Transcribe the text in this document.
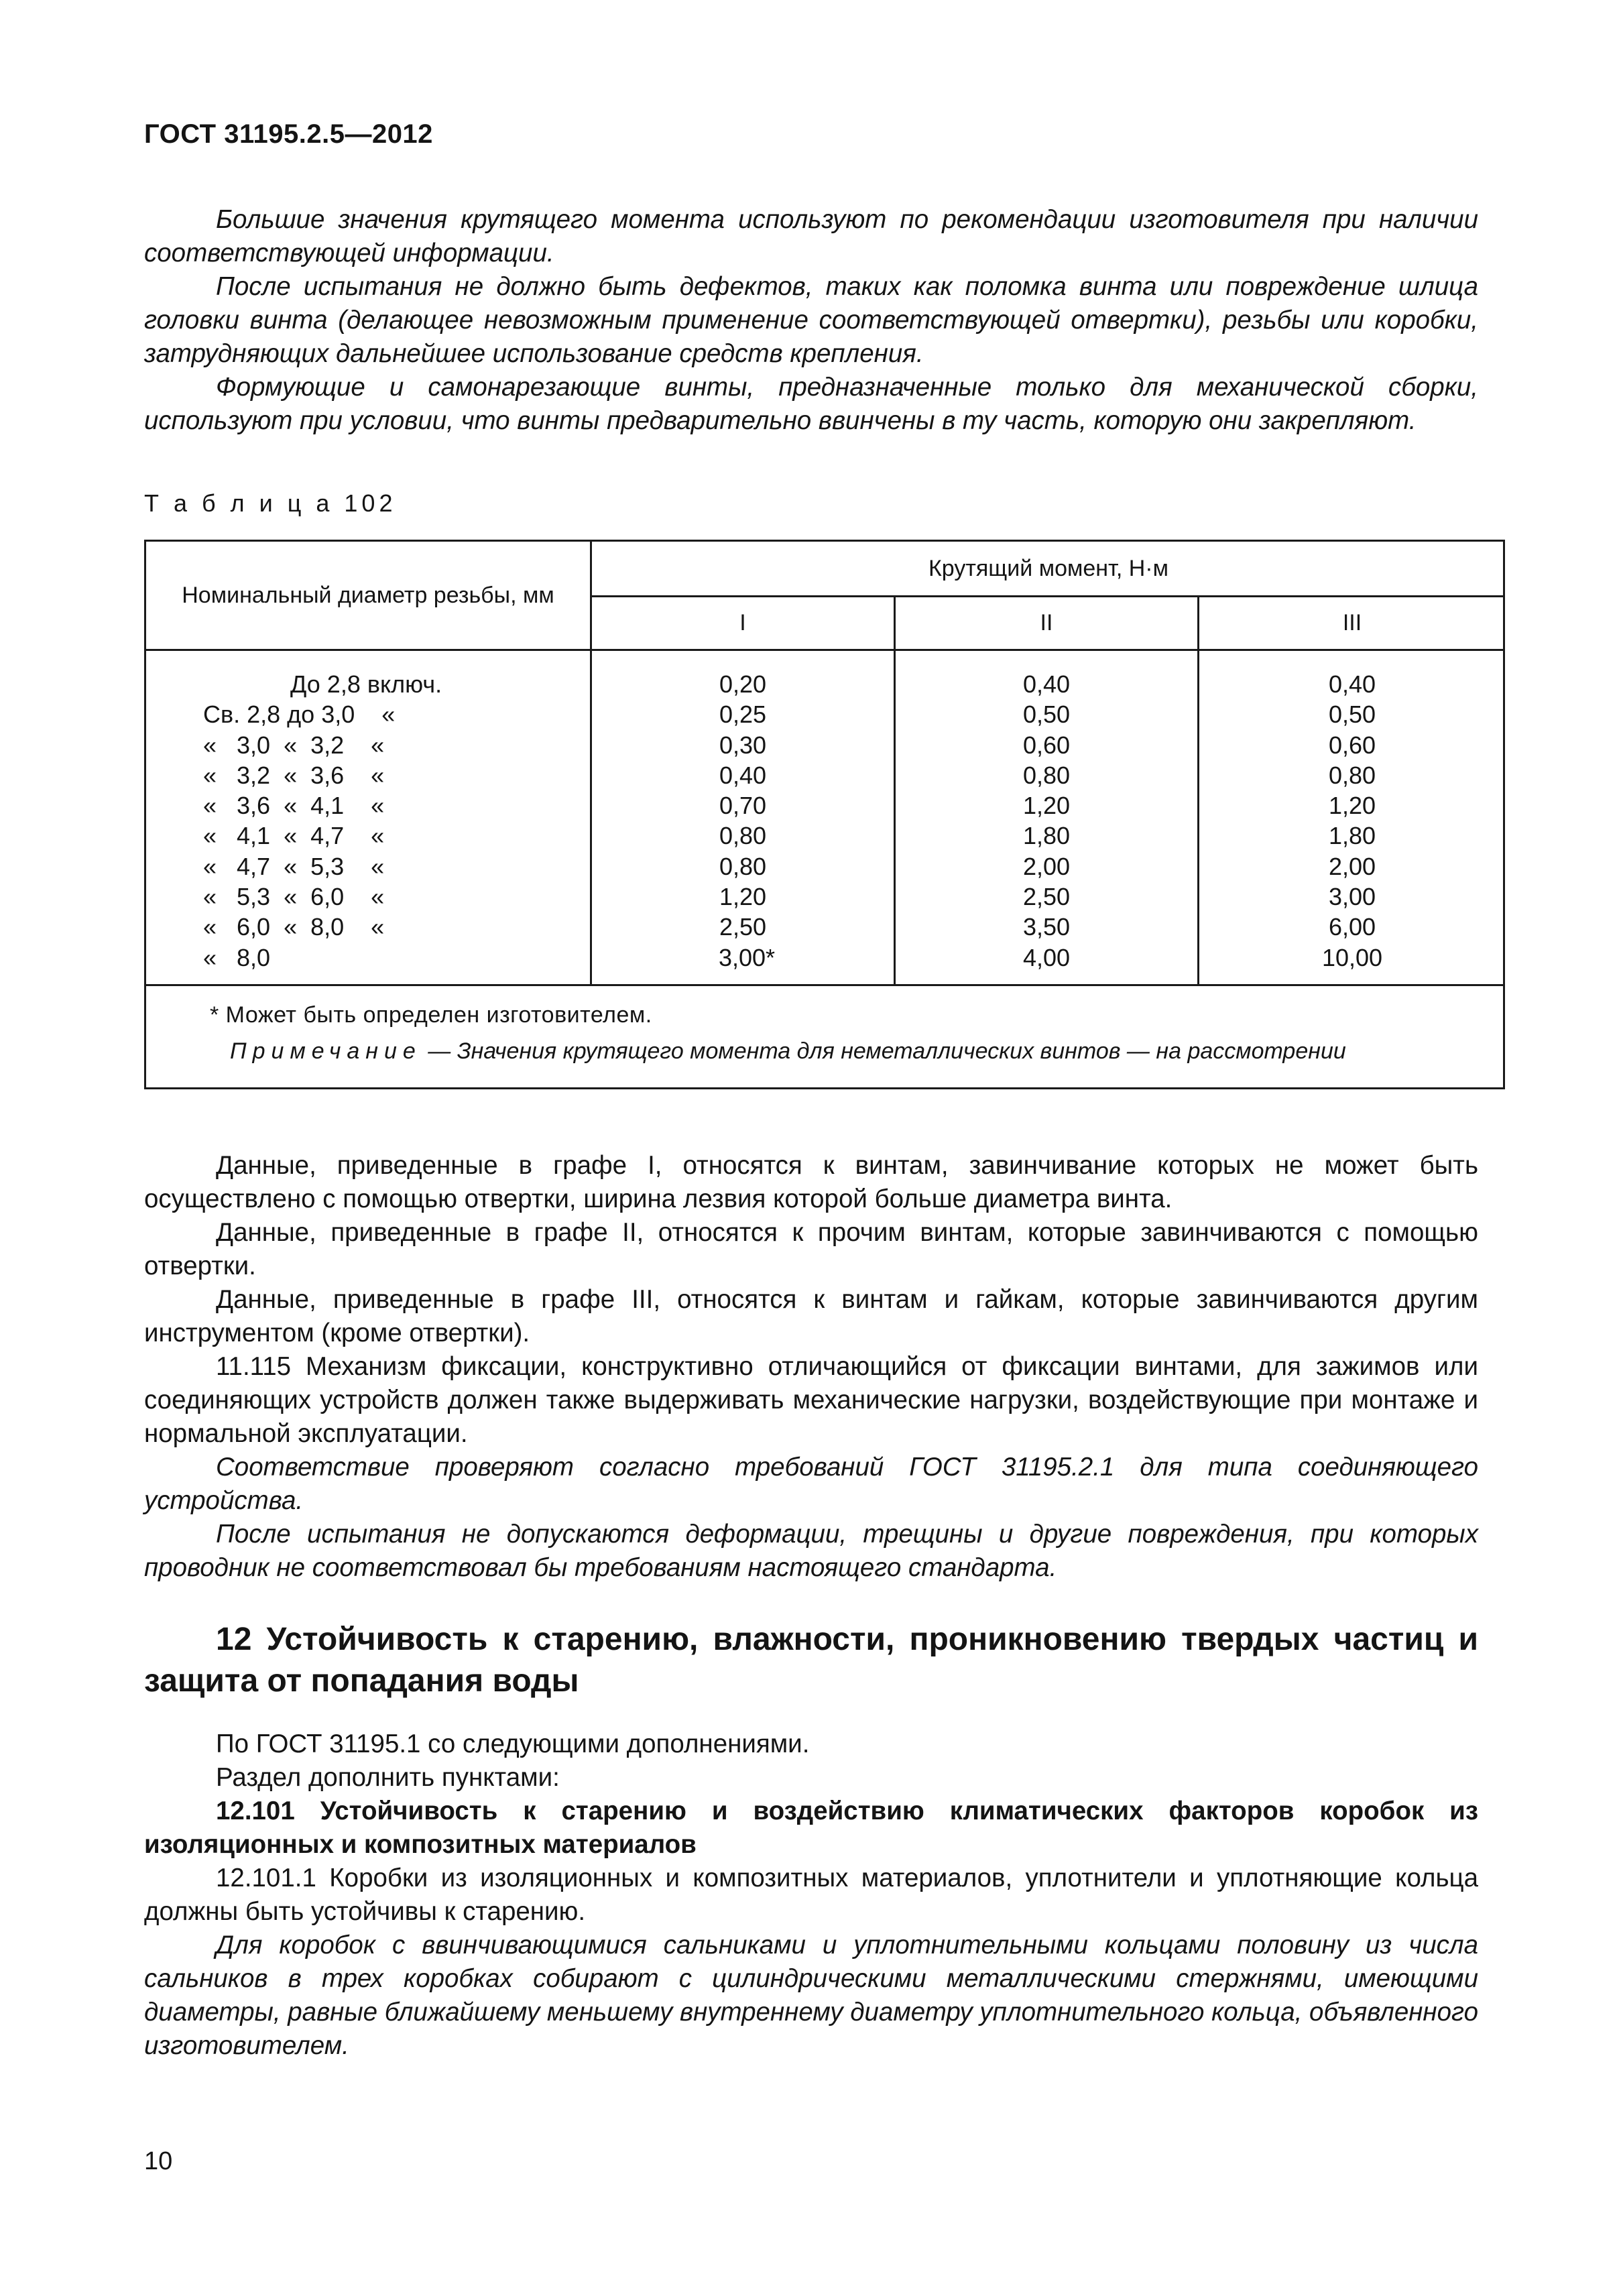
ГОСТ 31195.2.5—2012

Большие значения крутящего момента используют по рекомендации изготовителя при наличии соответствующей информации.

После испытания не должно быть дефектов, таких как поломка винта или повреждение шлица головки винта (делающее невозможным применение соответствующей отвертки), резьбы или коробки, затрудняющих дальнейшее использование средств крепления.

Формующие и самонарезающие винты, предназначенные только для механической сборки, используют при условии, что винты предварительно ввинчены в ту часть, которую они закрепляют.

Т а б л и ц а 102
Номинальный диаметр резьбы, мм
Крутящий момент, Н·м
I	II	III
До 2,8 включ.
Св. 2,8 до 3,0    «
«   3,0  «  3,2    «
«   3,2  «  3,6    «
«   3,6  «  4,1    «
«   4,1  «  4,7    «
«   4,7  «  5,3    «
«   5,3  «  6,0    «
«   6,0  «  8,0    «
«   8,0
0,20
0,25
0,30
0,40
0,70
0,80
0,80
1,20
2,50
3,00*
0,40
0,50
0,60
0,80
1,20
1,80
2,00
2,50
3,50
4,00
0,40
0,50
0,60
0,80
1,20
1,80
2,00
3,00
6,00
10,00
* Может быть определен изготовителем.
Примечание — Значения крутящего момента для неметаллических винтов — на рассмотрении

Данные, приведенные в графе I, относятся к винтам, завинчивание которых не может быть осуществлено с помощью отвертки, ширина лезвия которой больше диаметра винта.

Данные, приведенные в графе II, относятся к прочим винтам, которые завинчиваются с помощью отвертки.

Данные, приведенные в графе III, относятся к винтам и гайкам, которые завинчиваются другим инструментом (кроме отвертки).

11.115 Механизм фиксации, конструктивно отличающийся от фиксации винтами, для зажимов или соединяющих устройств должен также выдерживать механические нагрузки, воздействующие при монтаже и нормальной эксплуатации.

Соответствие проверяют согласно требований ГОСТ 31195.2.1 для типа соединяющего устройства.

После испытания не допускаются деформации, трещины и другие повреждения, при которых проводник не соответствовал бы требованиям настоящего стандарта.

12 Устойчивость к старению, влажности, проникновению твердых частиц и защита от попадания воды

По ГОСТ 31195.1 со следующими дополнениями.

Раздел дополнить пунктами:

12.101 Устойчивость к старению и воздействию климатических факторов коробок из изоляционных и композитных материалов

12.101.1 Коробки из изоляционных и композитных материалов, уплотнители и уплотняющие кольца должны быть устойчивы к старению.

Для коробок с ввинчивающимися сальниками и уплотнительными кольцами половину из числа сальников в трех коробках собирают с цилиндрическими металлическими стержнями, имеющими диаметры, равные ближайшему меньшему внутреннему диаметру уплотнительного кольца, объявленного изготовителем.

10
